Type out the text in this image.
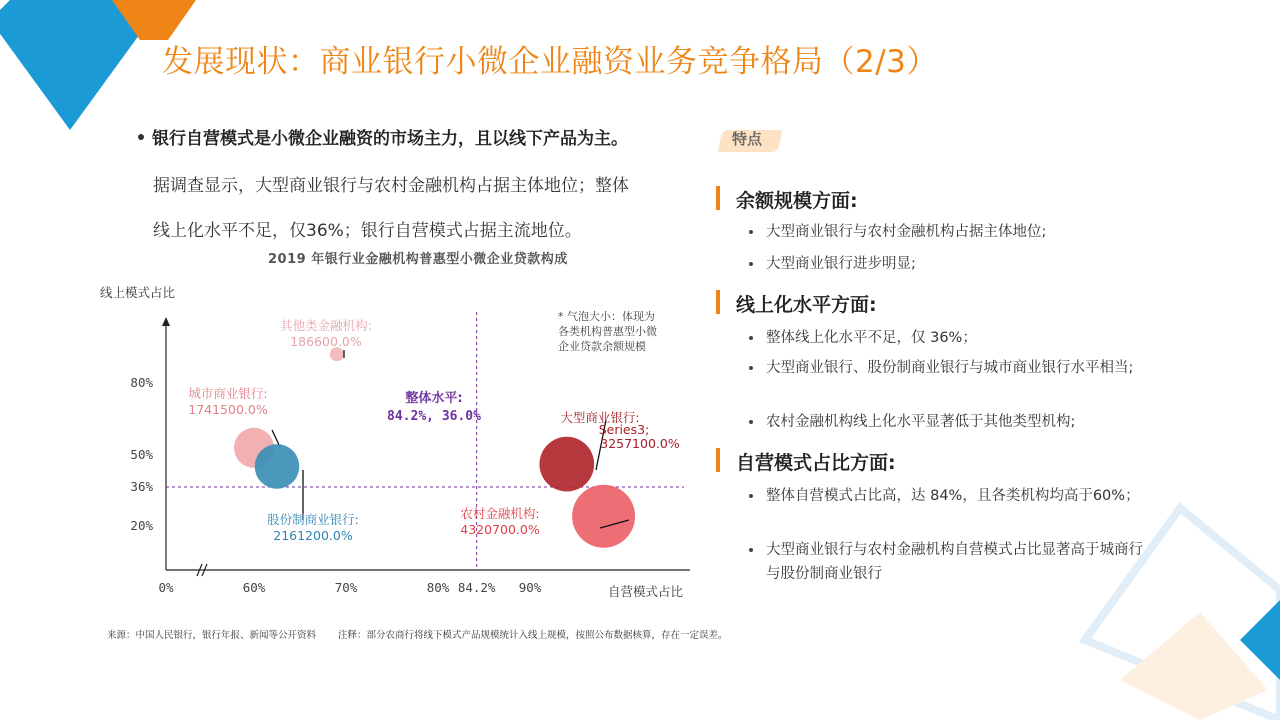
发展现状：商业银行小微企业融资业务竞争格局（2/3）
银行自营模式是小微企业融资的市场主力，且以线下产品为主。
据调查显示，大型商业银行与农村金融机构占据主体地位；整体
线上化水平不足，仅36%；银行自营模式占据主流地位。
2019 年银行业金融机构普惠型小微企业贷款构成
线上模式占比
自营模式占比
0%	60%	70%	80% 84.2% 90%
20%
36%
50%
80%
* 气泡大小：体现为
各类机构普惠型小微
企业贷款余额规模
整体水平:
84.2%, 36.0%
其他类金融机构:
186600.0%
城市商业银行:
1741500.0%
股份制商业银行:
2161200.0%
大型商业银行:
Series3;
3257100.0%
农村金融机构:
4320700.0%
特点
余额规模方面:
大型商业银行与农村金融机构占据主体地位;
大型商业银行进步明显;
线上化水平方面:
整体线上化水平不足，仅 36%；
大型商业银行、股份制商业银行与城市商业银行水平相当;
农村金融机构线上化水平显著低于其他类型机构;
自营模式占比方面:
整体自营模式占比高，达 84%，且各类机构均高于60%；
大型商业银行与农村金融机构自营模式占比显著高于城商行与股份制商业银行
来源：中国人民银行，银行年报、新闻等公开资料 注释：部分农商行将线下模式产品规模统计入线上规模，按照公布数据核算，存在一定误差。
